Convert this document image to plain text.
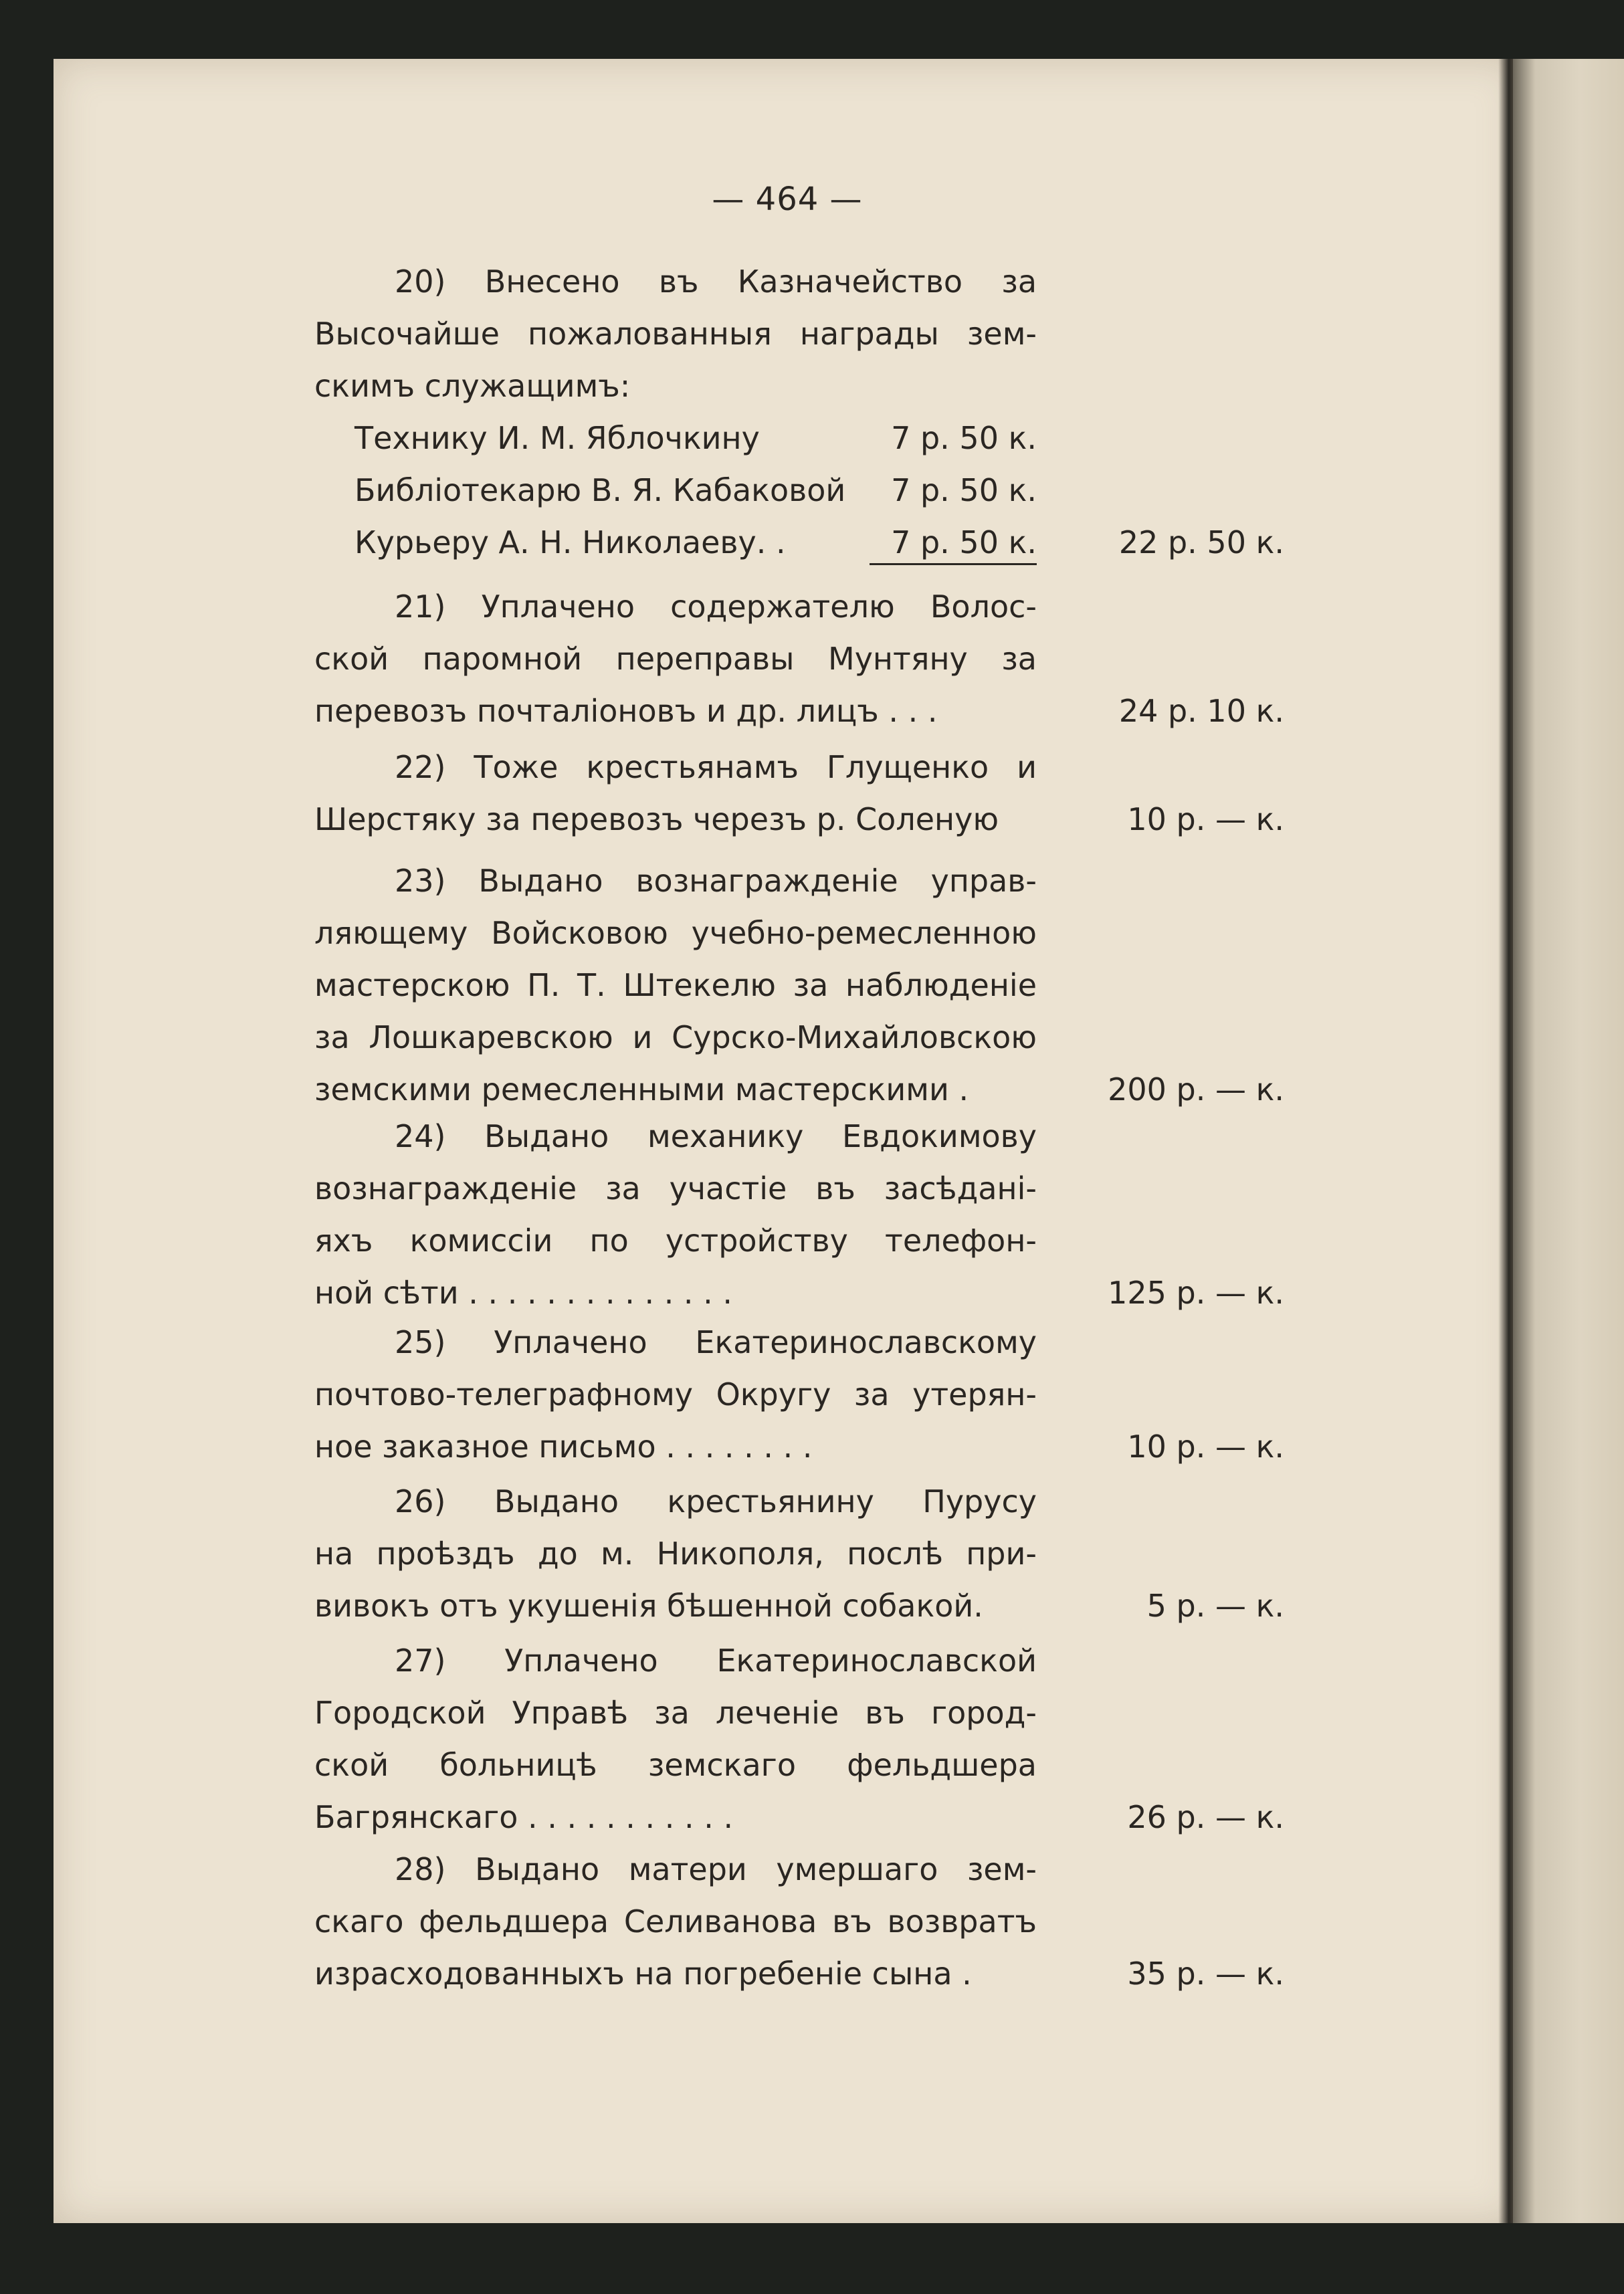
— 464 —
20) Внесено въ Казначейство за
Высочайше пожалованныя награды зем-
скимъ служащимъ:
Технику И. М. Яблочкину	7 р. 50 к.
Библіотекарю В. Я. Кабаковой 7 р. 50 к.
Курьеру А. Н. Николаеву. .	7 р. 50 к.	22 р. 50 к.
21) Уплачено содержателю Волос-
ской паромной переправы Мунтяну за
перевозъ почталіоновъ и др. лицъ . . .	24 р. 10 к.
22) Тоже крестьянамъ Глущенко и
Шерстяку за перевозъ черезъ р. Соленую	10 р. — к.
23) Выдано вознагражденіе управ-
ляющему Войсковою учебно-ремесленною
мастерскою П. Т. Штекелю за наблюденіе
за Лошкаревскою и Сурско-Михайловскою
земскими ремесленными мастерскими .	200 р. — к.
24) Выдано механику Евдокимову
вознагражденіе за участіе въ засѣданi-
яхъ комиссіи по устройству телефон-
ной сѣти . . . . . . . . . . . . . .	125 р. — к.
25) Уплачено Екатеринославскому
почтово-телеграфному Округу за утерян-
ное заказное письмо . . . . . . . .	10 р. — к.
26) Выдано крестьянину Пурусу
на проѣздъ до м. Никополя, послѣ при-
вивокъ отъ укушенія бѣшенной собакой.	5 р. — к.
27) Уплачено Екатеринославской
Городской Управѣ за леченіе въ город-
ской больницѣ земскаго фельдшера
Багрянскаго . . . . . . . . . . .	26 р. — к.
28) Выдано матери умершаго зем-
скаго фельдшера Селиванова въ возвратъ
израсходованныхъ на погребеніе сына .	35 р. — к.
